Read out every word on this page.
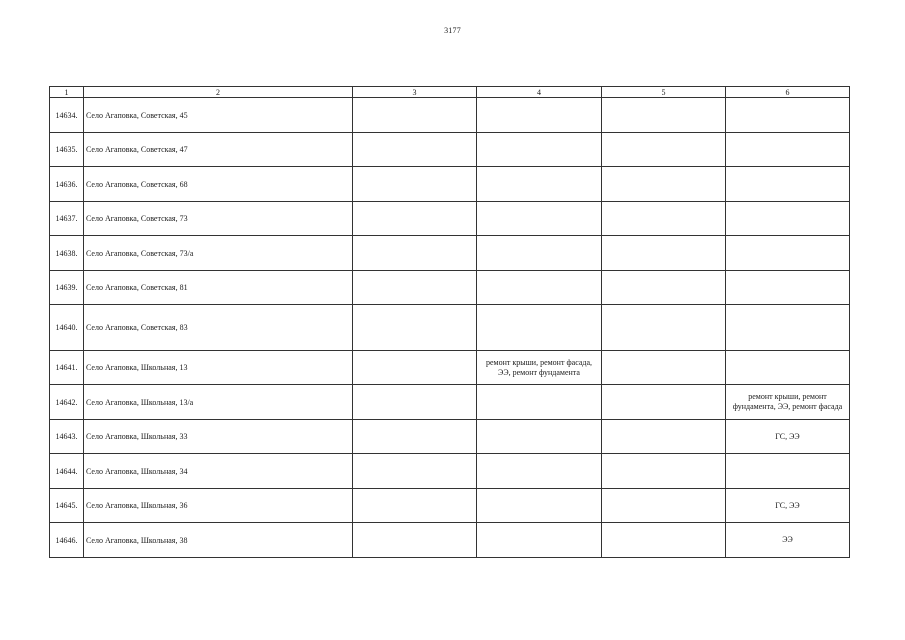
3177
1	2	3	4	5	6
14634.	Село Агаповка, Советская, 45				
14635.	Село Агаповка, Советская, 47				
14636.	Село Агаповка, Советская, 68				
14637.	Село Агаповка, Советская, 73				
14638.	Село Агаповка, Советская, 73/а				
14639.	Село Агаповка, Советская, 81				
14640.	Село Агаповка, Советская, 83				
14641.	Село Агаповка, Школьная, 13		ремонт крыши, ремонт фасада, ЭЭ, ремонт фундамента		
14642.	Село Агаповка, Школьная, 13/а				ремонт крыши, ремонт фундамента, ЭЭ, ремонт фасада
14643.	Село Агаповка, Школьная, 33				ГС, ЭЭ
14644.	Село Агаповка, Школьная, 34				
14645.	Село Агаповка, Школьная, 36				ГС, ЭЭ
14646.	Село Агаповка, Школьная, 38				ЭЭ
